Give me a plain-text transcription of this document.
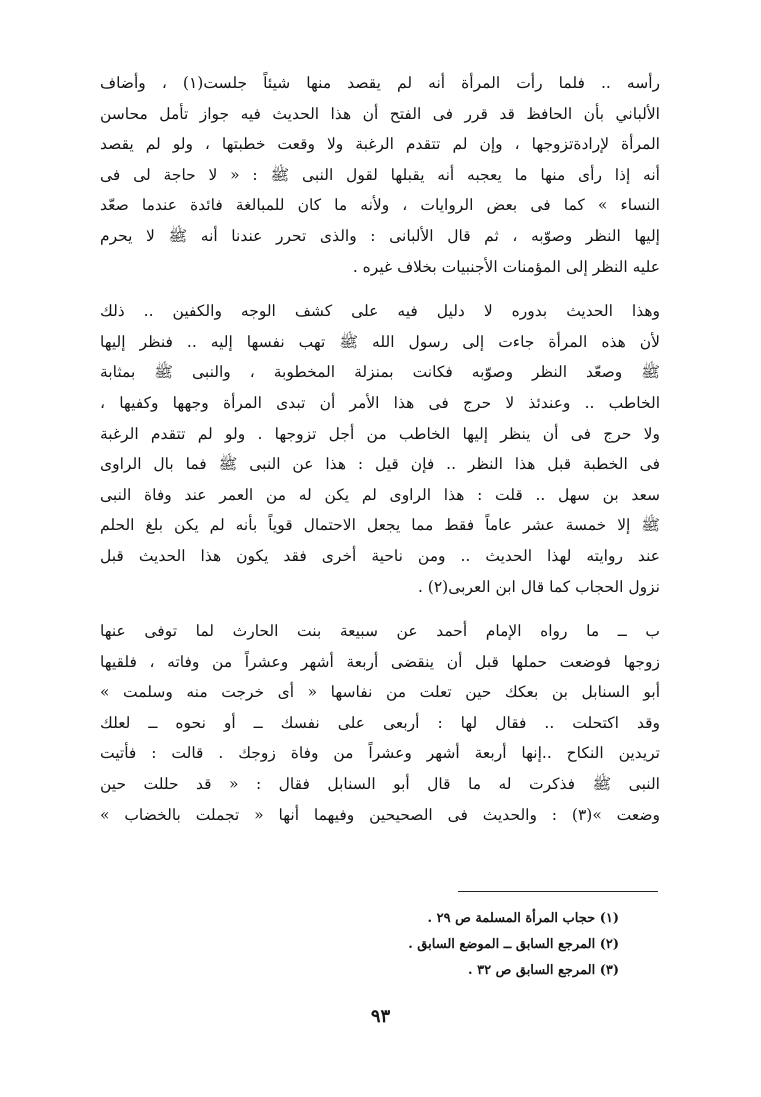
رأسه .. فلما رأت المرأة أنه لم يقصد منها شيئاً جلست(١) ، وأضاف
الألباني بأن الحافظ قد قرر فى الفتح أن هذا الحديث فيه جواز تأمل محاسن
المرأة لإرادةتزوجها ، وإن لم تتقدم الرغبة ولا وقعت خطبتها ، ولو لم يقصد
أنه إذا رأى منها ما يعجبه أنه يقبلها لقول النبى ﷺ : « لا حاجة لى فى
النساء » كما فى بعض الروايات ، ولأنه ما كان للمبالغة فائدة عندما صعّد
إليها النظر وصوّبه ، ثم قال الألبانى : والذى تحرر عندنا أنه ﷺ لا يحرم
عليه النظر إلى المؤمنات الأجنبيات بخلاف غيره .
وهذا الحديث بدوره لا دليل فيه على كشف الوجه والكفين .. ذلك
لأن هذه المرأة جاءت إلى رسول الله ﷺ تهب نفسها إليه .. فنظر إليها
ﷺ وصعّد النظر وصوّبه فكانت بمنزلة المخطوبة ، والنبى ﷺ بمثابة
الخاطب .. وعندئذ لا حرج فى هذا الأمر أن تبدى المرأة وجهها وكفيها ،
ولا حرج فى أن ينظر إليها الخاطب من أجل تزوجها . ولو لم تتقدم الرغبة
فى الخطبة قبل هذا النظر .. فإن قيل : هذا عن النبى ﷺ فما بال الراوى
سعد بن سهل .. قلت : هذا الراوى لم يكن له من العمر عند وفاة النبى
ﷺ إلا خمسة عشر عاماً فقط مما يجعل الاحتمال قوياً بأنه لم يكن بلغ الحلم
عند روايته لهذا الحديث .. ومن ناحية أخرى فقد يكون هذا الحديث قبل
نزول الحجاب كما قال ابن العربى(٢) .
ب ــ ما رواه الإمام أحمد عن سبيعة بنت الحارث لما توفى عنها
زوجها فوضعت حملها قبل أن ينقضى أربعة أشهر وعشراً من وفاته ، فلقيها
أبو السنابل بن بعكك حين تعلت من نفاسها « أى خرجت منه وسلمت »
وقد اكتحلت .. فقال لها : أربعى على نفسك ــ أو نحوه ــ لعلك
تريدين النكاح ..إنها أربعة أشهر وعشراً من وفاة زوجك . قالت : فأتيت
النبى ﷺ فذكرت له ما قال أبو السنابل فقال : « قد حللت حين
وضعت »(٣) : والحديث فى الصحيحين وفيهما أنها « تجملت بالخضاب »
(١) حجاب المرأة المسلمة ص ٢٩ .
(٢) المرجع السابق ــ الموضع السابق .
(٣) المرجع السابق ص ٣٢ .
٩٣
